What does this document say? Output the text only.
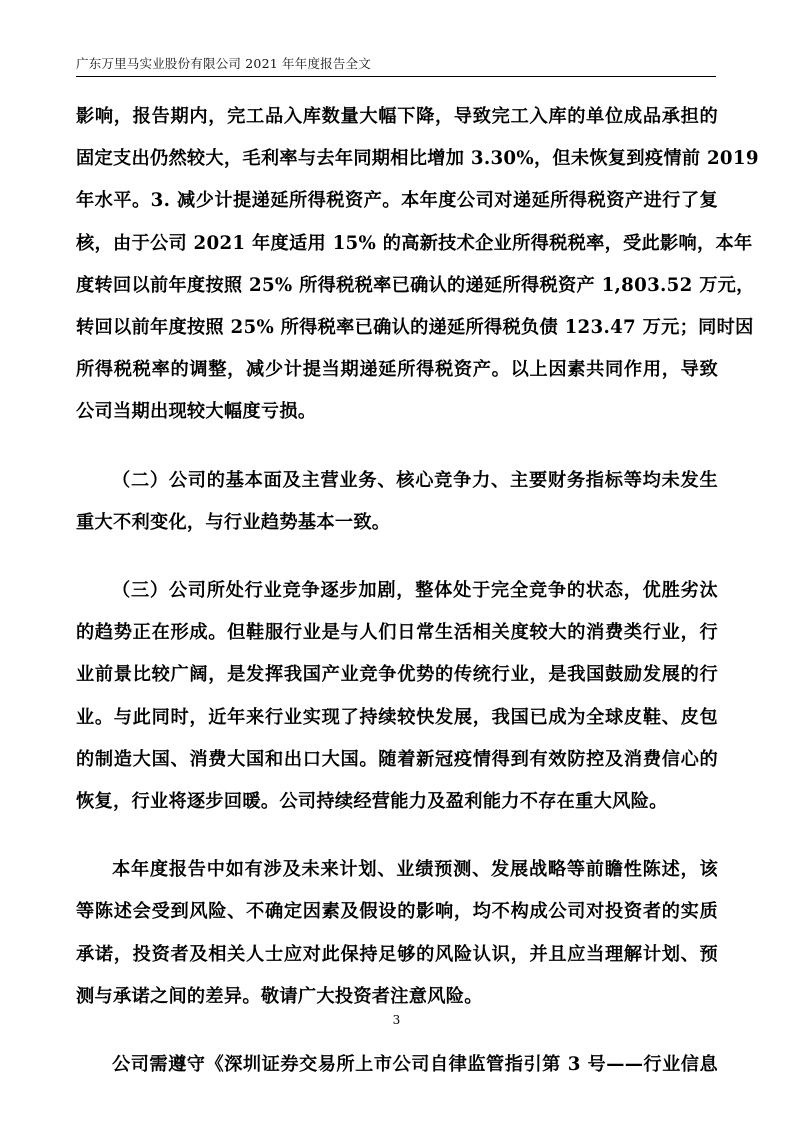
广东万里马实业股份有限公司 2021 年年度报告全文
影响，报告期内，完工品入库数量大幅下降，导致完工入库的单位成品承担的
固定支出仍然较大，毛利率与去年同期相比增加 3.30%，但未恢复到疫情前 2019
年水平。3. 减少计提递延所得税资产。本年度公司对递延所得税资产进行了复
核，由于公司 2021 年度适用 15% 的高新技术企业所得税税率，受此影响，本年
度转回以前年度按照 25% 所得税税率已确认的递延所得税资产 1,803.52 万元，
转回以前年度按照 25% 所得税率已确认的递延所得税负债 123.47 万元；同时因
所得税税率的调整，减少计提当期递延所得税资产。以上因素共同作用，导致
公司当期出现较大幅度亏损。
（二）公司的基本面及主营业务、核心竞争力、主要财务指标等均未发生
重大不利变化，与行业趋势基本一致。
（三）公司所处行业竞争逐步加剧，整体处于完全竞争的状态，优胜劣汰
的趋势正在形成。但鞋服行业是与人们日常生活相关度较大的消费类行业，行
业前景比较广阔，是发挥我国产业竞争优势的传统行业，是我国鼓励发展的行
业。与此同时，近年来行业实现了持续较快发展，我国已成为全球皮鞋、皮包
的制造大国、消费大国和出口大国。随着新冠疫情得到有效防控及消费信心的
恢复，行业将逐步回暖。公司持续经营能力及盈利能力不存在重大风险。
本年度报告中如有涉及未来计划、业绩预测、发展战略等前瞻性陈述，该
等陈述会受到风险、不确定因素及假设的影响，均不构成公司对投资者的实质
承诺，投资者及相关人士应对此保持足够的风险认识，并且应当理解计划、预
测与承诺之间的差异。敬请广大投资者注意风险。
公司需遵守《深圳证券交易所上市公司自律监管指引第 3 号——行业信息
3
